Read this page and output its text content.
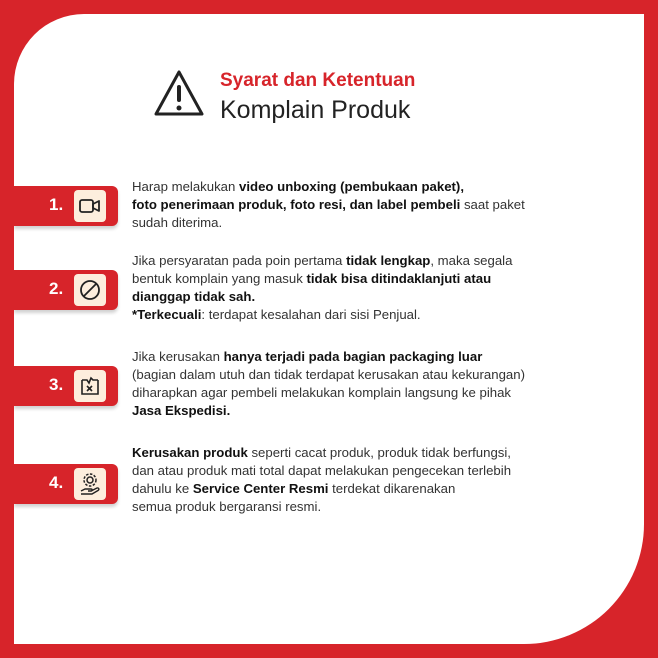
Syarat dan Ketentuan
Komplain Produk
1.
Harap melakukan video unboxing (pembukaan paket),
foto penerimaan produk, foto resi, dan label pembeli saat paket
sudah diterima.
2.
Jika persyaratan pada poin pertama tidak lengkap, maka segala
bentuk komplain yang masuk tidak bisa ditindaklanjuti atau
dianggap tidak sah.
*Terkecuali: terdapat kesalahan dari sisi Penjual.
3.
Jika kerusakan hanya terjadi pada bagian packaging luar
(bagian dalam utuh dan tidak terdapat kerusakan atau kekurangan)
diharapkan agar pembeli melakukan komplain langsung ke pihak
Jasa Ekspedisi.
4.
Kerusakan produk seperti cacat produk, produk tidak berfungsi,
dan atau produk mati total dapat melakukan pengecekan terlebih
dahulu ke Service Center Resmi terdekat dikarenakan
semua produk bergaransi resmi.
